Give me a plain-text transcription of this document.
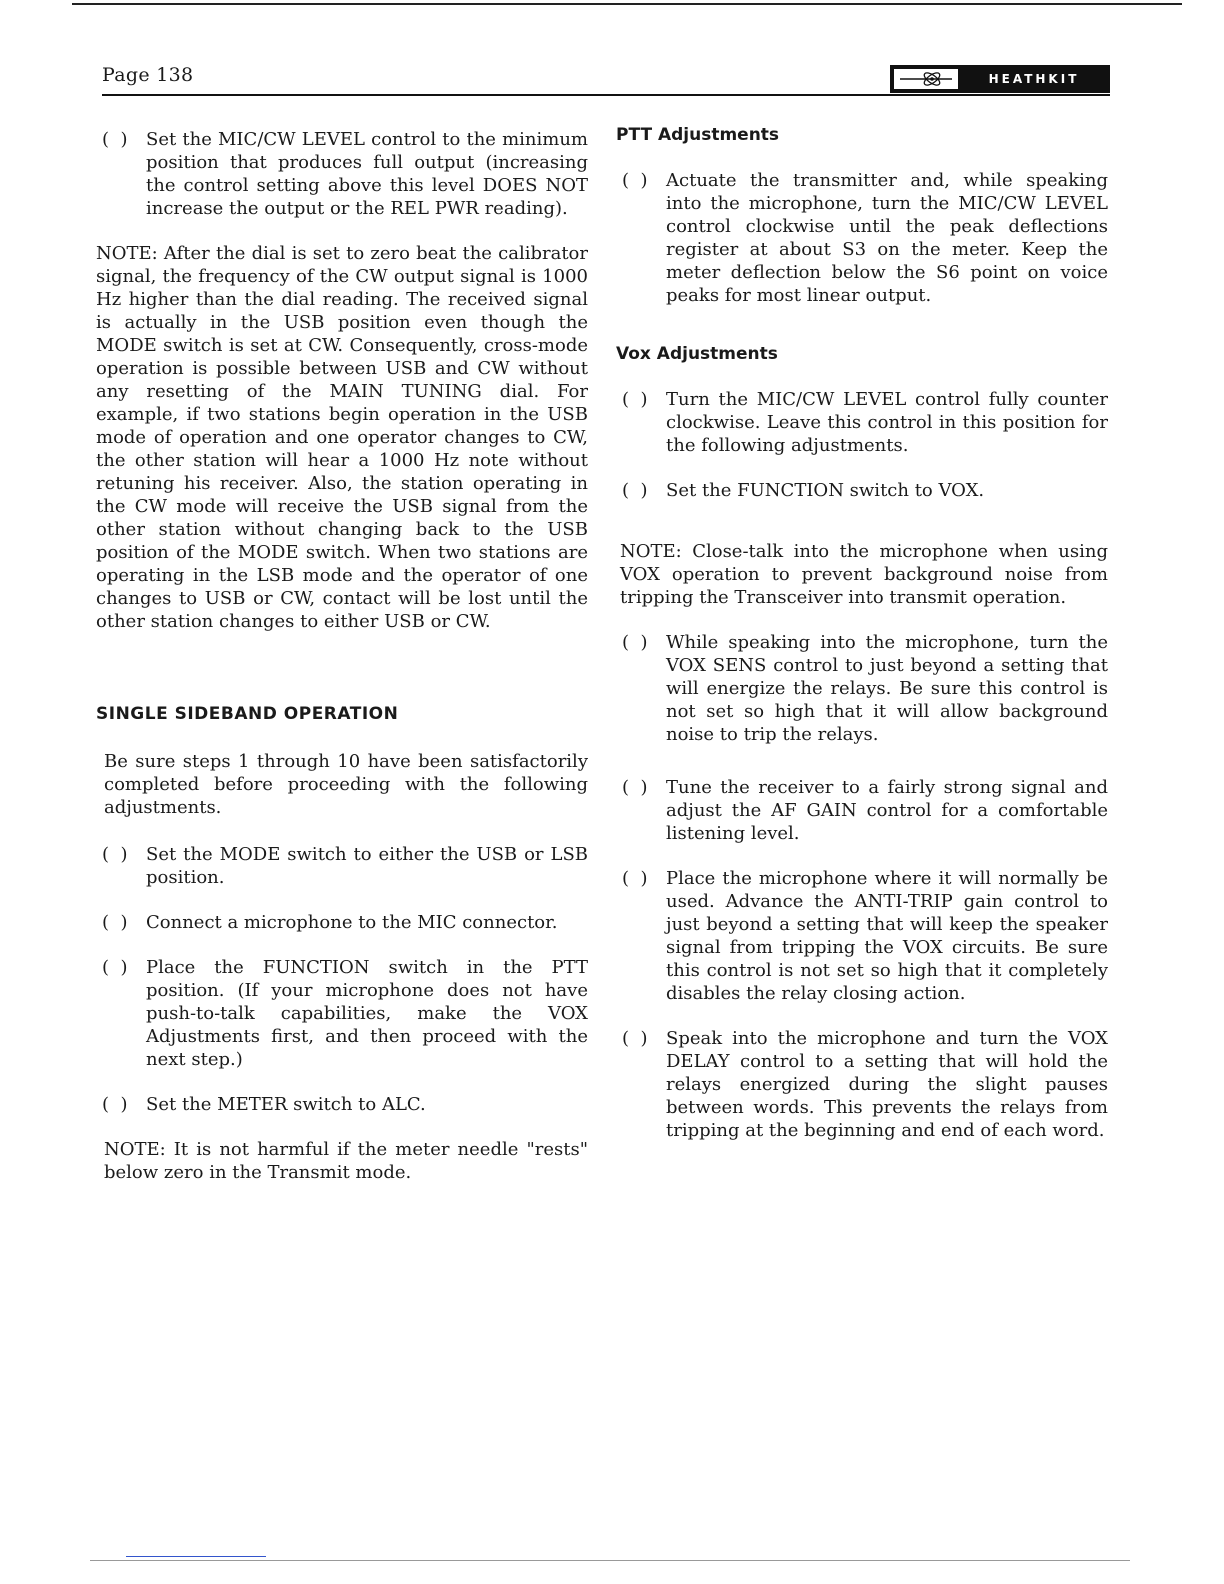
Page 138	HEATHKIT
(  ) Set the MIC/CW LEVEL control to the minimum position that produces full output (increasing the control setting above this level DOES NOT increase the output or the REL PWR reading).
NOTE: After the dial is set to zero beat the calibrator signal, the frequency of the CW output signal is 1000 Hz higher than the dial reading. The received signal is actually in the USB position even though the MODE switch is set at CW. Consequently, cross-mode operation is possible between USB and CW without any resetting of the MAIN TUNING dial. For example, if two stations begin operation in the USB mode of operation and one operator changes to CW, the other station will hear a 1000 Hz note without retuning his receiver. Also, the station operating in the CW mode will receive the USB signal from the other station without changing back to the USB position of the MODE switch. When two stations are operating in the LSB mode and the operator of one changes to USB or CW, contact will be lost until the other station changes to either USB or CW.
SINGLE SIDEBAND OPERATION
Be sure steps 1 through 10 have been satisfactorily completed before proceeding with the following adjustments.
(  ) Set the MODE switch to either the USB or LSB position.
(  ) Connect a microphone to the MIC connector.
(  ) Place the FUNCTION switch in the PTT position. (If your microphone does not have push-to-talk capabilities, make the VOX Adjustments first, and then proceed with the next step.)
(  ) Set the METER switch to ALC.
NOTE: It is not harmful if the meter needle "rests" below zero in the Transmit mode.
PTT Adjustments
(  ) Actuate the transmitter and, while speaking into the microphone, turn the MIC/CW LEVEL control clockwise until the peak deflections register at about S3 on the meter. Keep the meter deflection below the S6 point on voice peaks for most linear output.
Vox Adjustments
(  ) Turn the MIC/CW LEVEL control fully counter clockwise. Leave this control in this position for the following adjustments.
(  ) Set the FUNCTION switch to VOX.
NOTE: Close-talk into the microphone when using VOX operation to prevent background noise from tripping the Transceiver into transmit operation.
(  ) While speaking into the microphone, turn the VOX SENS control to just beyond a setting that will energize the relays. Be sure this control is not set so high that it will allow background noise to trip the relays.
(  ) Tune the receiver to a fairly strong signal and adjust the AF GAIN control for a comfortable listening level.
(  ) Place the microphone where it will normally be used. Advance the ANTI-TRIP gain control to just beyond a setting that will keep the speaker signal from tripping the VOX circuits. Be sure this control is not set so high that it completely disables the relay closing action.
(  ) Speak into the microphone and turn the VOX DELAY control to a setting that will hold the relays energized during the slight pauses between words. This prevents the relays from tripping at the beginning and end of each word.
